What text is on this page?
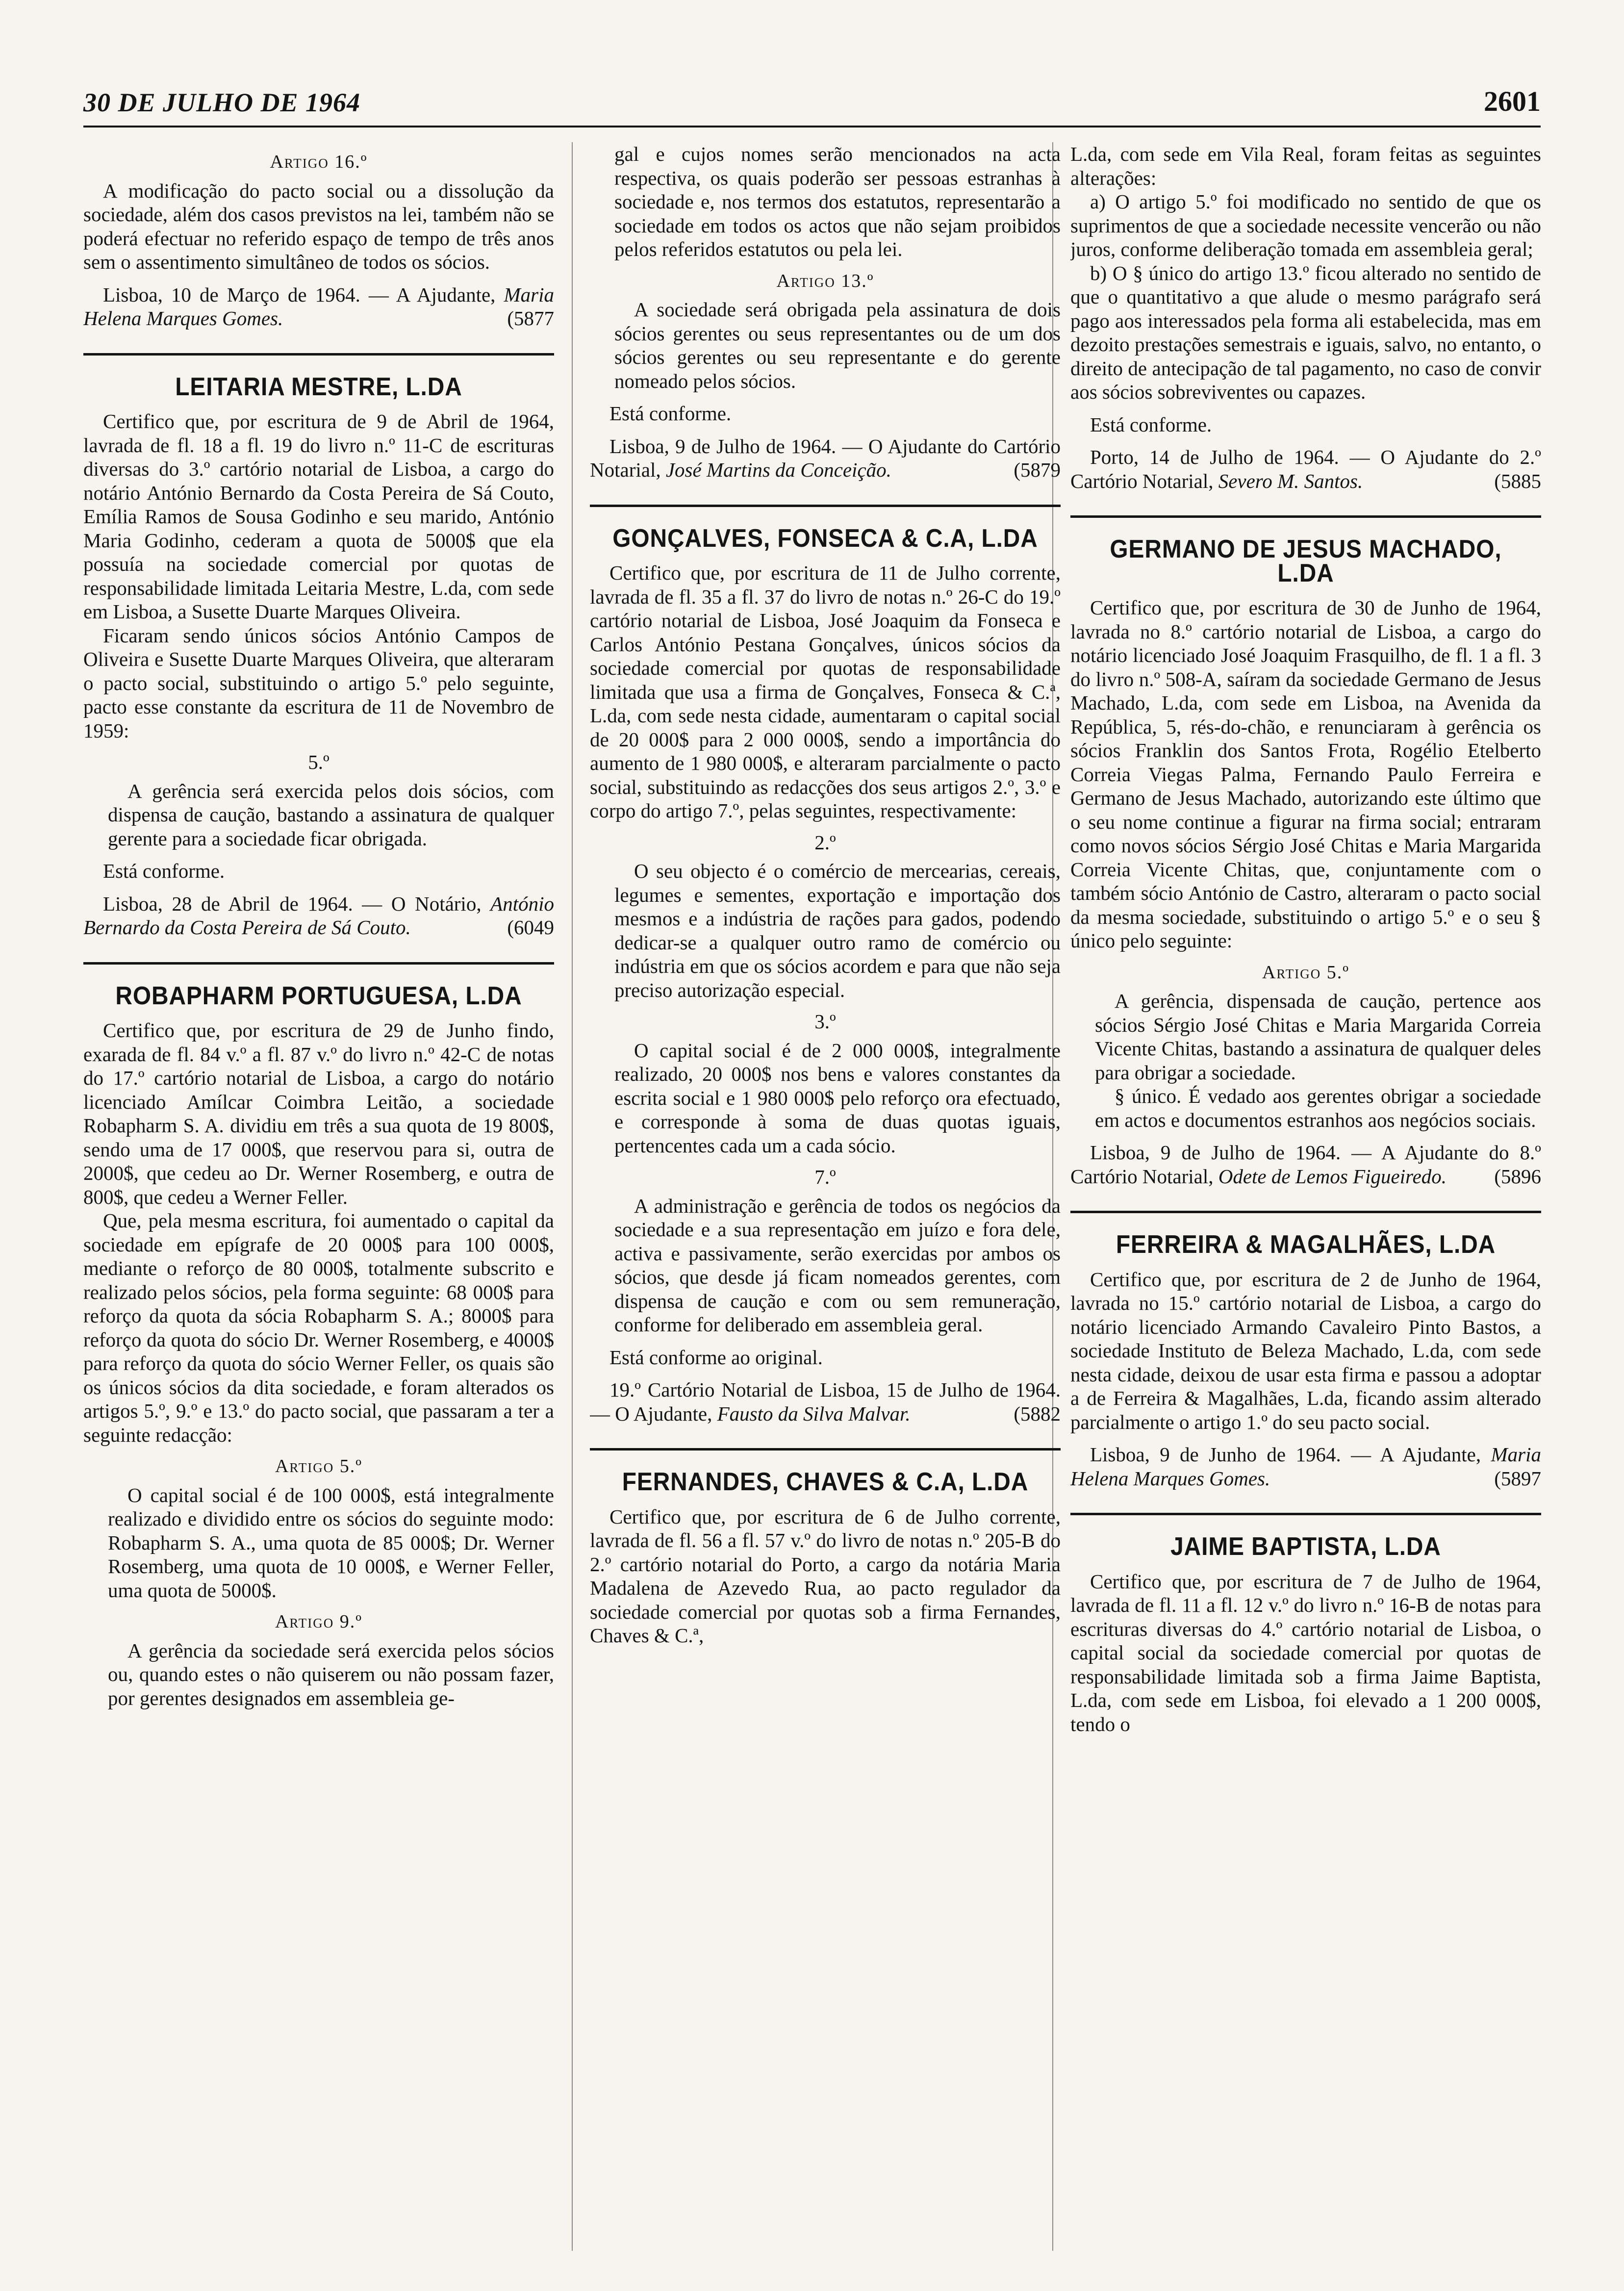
30 DE JULHO DE 1964	2601

Artigo 16.º

A modificação do pacto social ou a dissolução da sociedade, além dos casos previstos na lei, também não se poderá efectuar no referido espaço de tempo de três anos sem o assentimento simultâneo de todos os sócios.

Lisboa, 10 de Março de 1964. — A Ajudante, Maria Helena Marques Gomes.	(5877

LEITARIA MESTRE, L.DA

Certifico que, por escritura de 9 de Abril de 1964, lavrada de fl. 18 a fl. 19 do livro n.º 11-C de escrituras diversas do 3.º cartório notarial de Lisboa, a cargo do notário António Bernardo da Costa Pereira de Sá Couto, Emília Ramos de Sousa Godinho e seu marido, António Maria Godinho, cederam a quota de 5000$ que ela possuía na sociedade comercial por quotas de responsabilidade limitada Leitaria Mestre, L.da, com sede em Lisboa, a Susette Duarte Marques Oliveira.

Ficaram sendo únicos sócios António Campos de Oliveira e Susette Duarte Marques Oliveira, que alteraram o pacto social, substituindo o artigo 5.º pelo seguinte, pacto esse constante da escritura de 11 de Novembro de 1959:

5.º

A gerência será exercida pelos dois sócios, com dispensa de caução, bastando a assinatura de qualquer gerente para a sociedade ficar obrigada.

Está conforme.

Lisboa, 28 de Abril de 1964. — O Notário, António Bernardo da Costa Pereira de Sá Couto.	(6049

ROBAPHARM PORTUGUESA, L.DA

Certifico que, por escritura de 29 de Junho findo, exarada de fl. 84 v.º a fl. 87 v.º do livro n.º 42-C de notas do 17.º cartório notarial de Lisboa, a cargo do notário licenciado Amílcar Coimbra Leitão, a sociedade Robapharm S. A. dividiu em três a sua quota de 19 800$, sendo uma de 17 000$, que reservou para si, outra de 2000$, que cedeu ao Dr. Werner Rosemberg, e outra de 800$, que cedeu a Werner Feller.

Que, pela mesma escritura, foi aumentado o capital da sociedade em epígrafe de 20 000$ para 100 000$, mediante o reforço de 80 000$, totalmente subscrito e realizado pelos sócios, pela forma seguinte: 68 000$ para reforço da quota da sócia Robapharm S. A.; 8000$ para reforço da quota do sócio Dr. Werner Rosemberg, e 4000$ para reforço da quota do sócio Werner Feller, os quais são os únicos sócios da dita sociedade, e foram alterados os artigos 5.º, 9.º e 13.º do pacto social, que passaram a ter a seguinte redacção:

Artigo 5.º

O capital social é de 100 000$, está integralmente realizado e dividido entre os sócios do seguinte modo: Robapharm S. A., uma quota de 85 000$; Dr. Werner Rosemberg, uma quota de 10 000$, e Werner Feller, uma quota de 5000$.

Artigo 9.º

A gerência da sociedade será exercida pelos sócios ou, quando estes o não quiserem ou não possam fazer, por gerentes designados em assembleia ge-

gal e cujos nomes serão mencionados na acta respectiva, os quais poderão ser pessoas estranhas à sociedade e, nos termos dos estatutos, representarão a sociedade em todos os actos que não sejam proibidos pelos referidos estatutos ou pela lei.

Artigo 13.º

A sociedade será obrigada pela assinatura de dois sócios gerentes ou seus representantes ou de um dos sócios gerentes ou seu representante e do gerente nomeado pelos sócios.

Está conforme.

Lisboa, 9 de Julho de 1964. — O Ajudante do Cartório Notarial, José Martins da Conceição.	(5879

GONÇALVES, FONSECA & C.A, L.DA

Certifico que, por escritura de 11 de Julho corrente, lavrada de fl. 35 a fl. 37 do livro de notas n.º 26-C do 19.º cartório notarial de Lisboa, José Joaquim da Fonseca e Carlos António Pestana Gonçalves, únicos sócios da sociedade comercial por quotas de responsabilidade limitada que usa a firma de Gonçalves, Fonseca & C.ª, L.da, com sede nesta cidade, aumentaram o capital social de 20 000$ para 2 000 000$, sendo a importância do aumento de 1 980 000$, e alteraram parcialmente o pacto social, substituindo as redacções dos seus artigos 2.º, 3.º e corpo do artigo 7.º, pelas seguintes, respectivamente:

2.º

O seu objecto é o comércio de mercearias, cereais, legumes e sementes, exportação e importação dos mesmos e a indústria de rações para gados, podendo dedicar-se a qualquer outro ramo de comércio ou indústria em que os sócios acordem e para que não seja preciso autorização especial.

3.º

O capital social é de 2 000 000$, integralmente realizado, 20 000$ nos bens e valores constantes da escrita social e 1 980 000$ pelo reforço ora efectuado, e corresponde à soma de duas quotas iguais, pertencentes cada um a cada sócio.

7.º

A administração e gerência de todos os negócios da sociedade e a sua representação em juízo e fora dele, activa e passivamente, serão exercidas por ambos os sócios, que desde já ficam nomeados gerentes, com dispensa de caução e com ou sem remuneração, conforme for deliberado em assembleia geral.

Está conforme ao original.

19.º Cartório Notarial de Lisboa, 15 de Julho de 1964. — O Ajudante, Fausto da Silva Malvar.	(5882

FERNANDES, CHAVES & C.A, L.DA

Certifico que, por escritura de 6 de Julho corrente, lavrada de fl. 56 a fl. 57 v.º do livro de notas n.º 205-B do 2.º cartório notarial do Porto, a cargo da notária Maria Madalena de Azevedo Rua, ao pacto regulador da sociedade comercial por quotas sob a firma Fernandes, Chaves & C.ª,

L.da, com sede em Vila Real, foram feitas as seguintes alterações:

a) O artigo 5.º foi modificado no sentido de que os suprimentos de que a sociedade necessite vencerão ou não juros, conforme deliberação tomada em assembleia geral;

b) O § único do artigo 13.º ficou alterado no sentido de que o quantitativo a que alude o mesmo parágrafo será pago aos interessados pela forma ali estabelecida, mas em dezoito prestações semestrais e iguais, salvo, no entanto, o direito de antecipação de tal pagamento, no caso de convir aos sócios sobreviventes ou capazes.

Está conforme.

Porto, 14 de Julho de 1964. — O Ajudante do 2.º Cartório Notarial, Severo M. Santos.	(5885

GERMANO DE JESUS MACHADO, L.DA

Certifico que, por escritura de 30 de Junho de 1964, lavrada no 8.º cartório notarial de Lisboa, a cargo do notário licenciado José Joaquim Frasquilho, de fl. 1 a fl. 3 do livro n.º 508-A, saíram da sociedade Germano de Jesus Machado, L.da, com sede em Lisboa, na Avenida da República, 5, rés-do-chão, e renunciaram à gerência os sócios Franklin dos Santos Frota, Rogélio Etelberto Correia Viegas Palma, Fernando Paulo Ferreira e Germano de Jesus Machado, autorizando este último que o seu nome continue a figurar na firma social; entraram como novos sócios Sérgio José Chitas e Maria Margarida Correia Vicente Chitas, que, conjuntamente com o também sócio António de Castro, alteraram o pacto social da mesma sociedade, substituindo o artigo 5.º e o seu § único pelo seguinte:

Artigo 5.º

A gerência, dispensada de caução, pertence aos sócios Sérgio José Chitas e Maria Margarida Correia Vicente Chitas, bastando a assinatura de qualquer deles para obrigar a sociedade.

§ único. É vedado aos gerentes obrigar a sociedade em actos e documentos estranhos aos negócios sociais.

Lisboa, 9 de Julho de 1964. — A Ajudante do 8.º Cartório Notarial, Odete de Lemos Figueiredo.	(5896

FERREIRA & MAGALHÃES, L.DA

Certifico que, por escritura de 2 de Junho de 1964, lavrada no 15.º cartório notarial de Lisboa, a cargo do notário licenciado Armando Cavaleiro Pinto Bastos, a sociedade Instituto de Beleza Machado, L.da, com sede nesta cidade, deixou de usar esta firma e passou a adoptar a de Ferreira & Magalhães, L.da, ficando assim alterado parcialmente o artigo 1.º do seu pacto social.

Lisboa, 9 de Junho de 1964. — A Ajudante, Maria Helena Marques Gomes.	(5897

JAIME BAPTISTA, L.DA

Certifico que, por escritura de 7 de Julho de 1964, lavrada de fl. 11 a fl. 12 v.º do livro n.º 16-B de notas para escrituras diversas do 4.º cartório notarial de Lisboa, o capital social da sociedade comercial por quotas de responsabilidade limitada sob a firma Jaime Baptista, L.da, com sede em Lisboa, foi elevado a 1 200 000$, tendo o
